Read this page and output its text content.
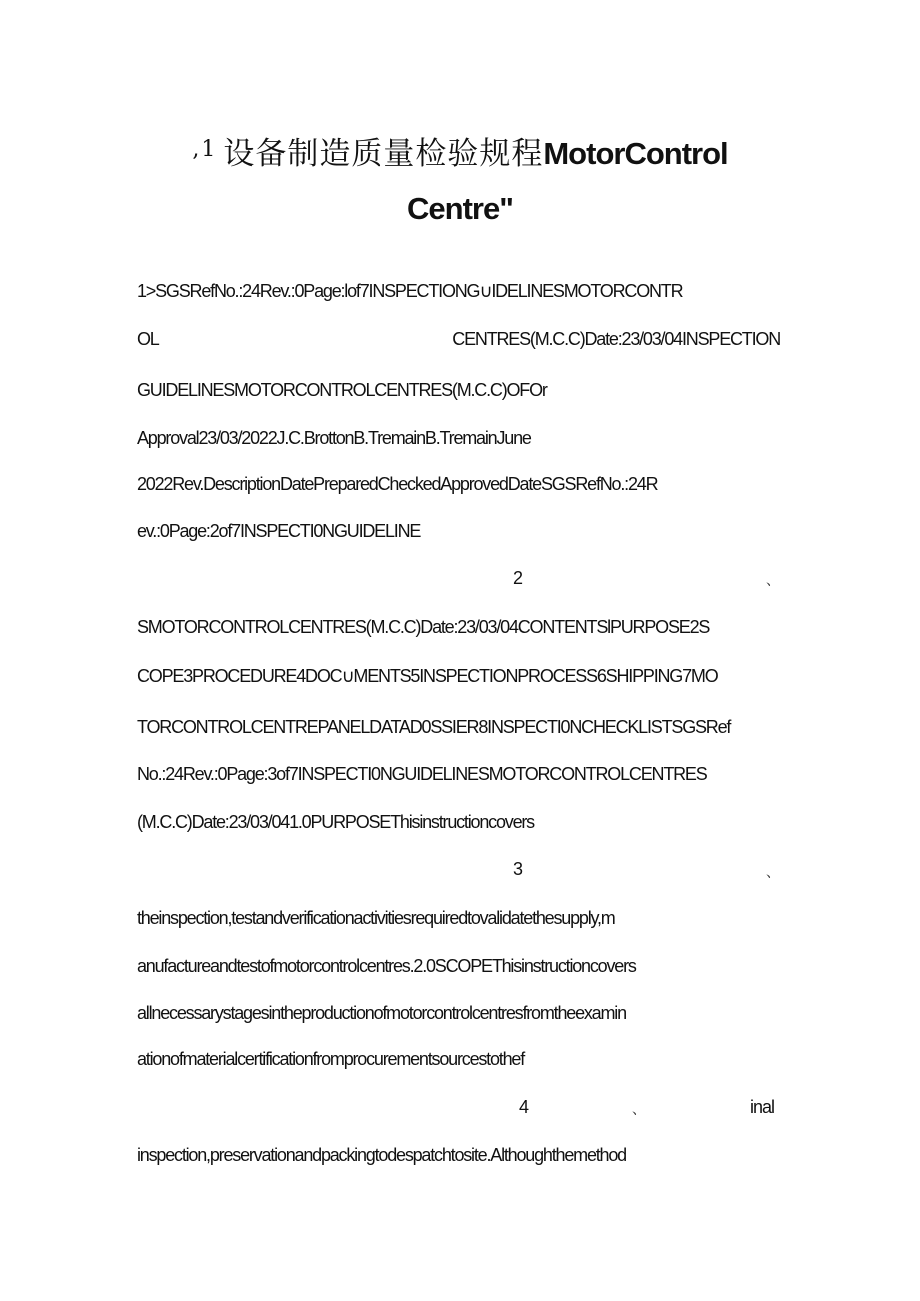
$^{,1}$ 设备制造质量检验规程MotorControl
Centre"
1>SGSRefNo.:24Rev.:0Page:lof7INSPECTIONG∪IDELINESMOTORCONTR
OL	CENTRES(M.C.C)Date:23/03/04INSPECTION
GUIDELINESMOTORCONTROLCENTRES(M.C.C)OFOr
Approval23/03/2022J.C.BrottonB.TremainB.TremainJune
2022Rev.DescriptionDatePreparedCheckedApprovedDateSGSRefNo.:24R
ev.:0Page:2of7INSPECTI0NGUIDELINE
2	、
SMOTORCONTROLCENTRES(M.C.C)Date:23/03/04CONTENTSlPURPOSE2S
COPE3PROCEDURE4DOC∪MENTS5INSPECTIONPROCESS6SHIPPING7MO
TORCONTROLCENTREPANELDATAD0SSIER8INSPECTI0NCHECKLISTSGSRef
No.:24Rev.:0Page:3of7INSPECTI0NGUIDELINESMOTORCONTROLCENTRES
(M.C.C)Date:23/03/041.0PURPOSEThisinstructioncovers
3	、
theinspection,testandverificationactivitiesrequiredtovalidatethesupply,m
anufactureandtestofmotorcontrolcentres.2.0SCOPEThisinstructioncovers
allnecessarystagesintheproductionofmotorcontrolcentresfromtheexamin
ationofmaterialcertificationfromprocurementsourcestothef
4	、	inal
inspection,preservationandpackingtodespatchtosite.Althoughthemethod
